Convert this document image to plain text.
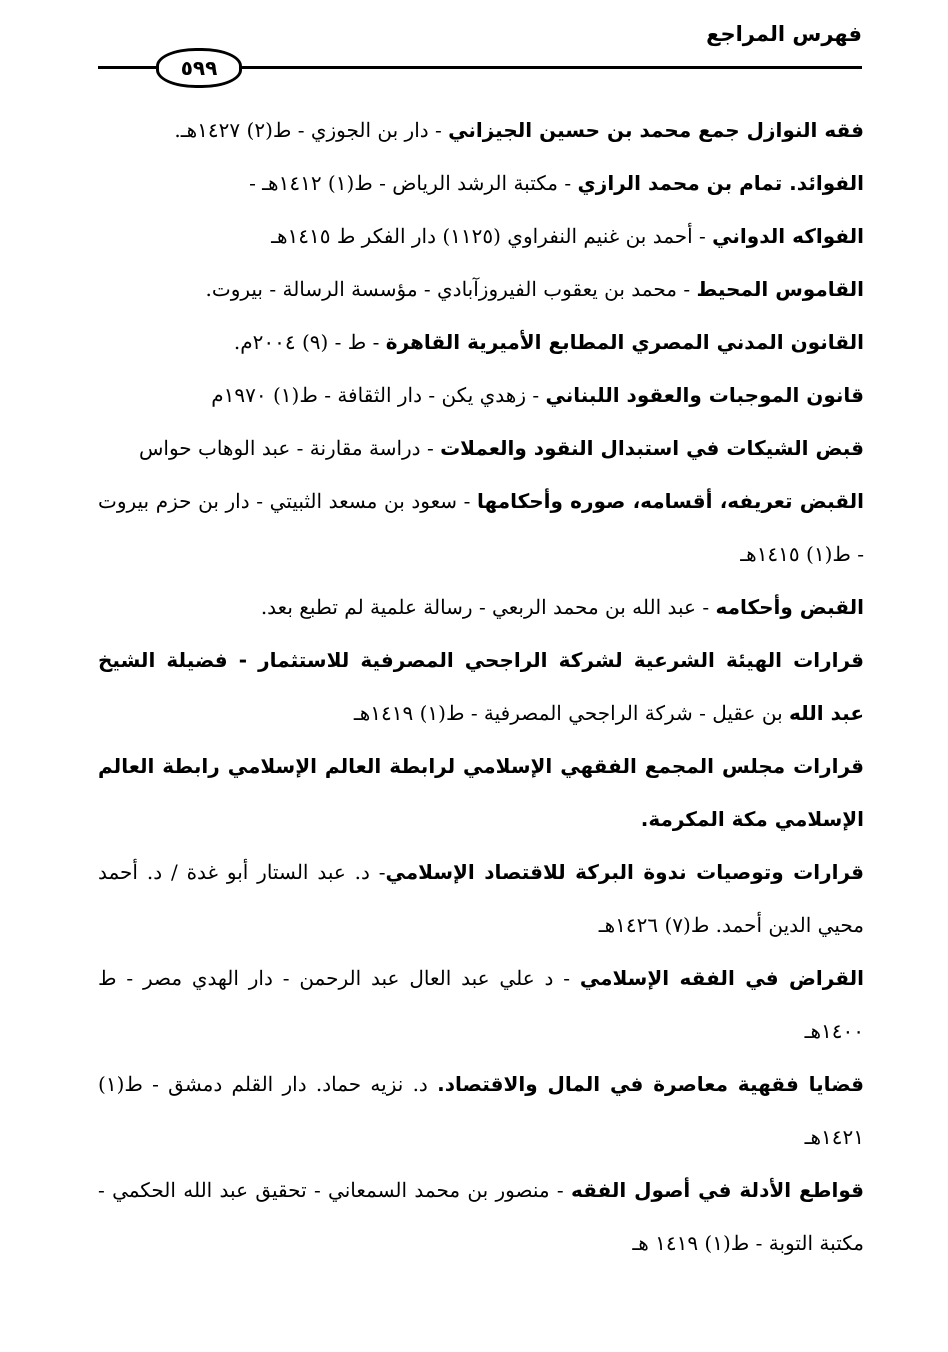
فهرس المراجع
٥٩٩

فقه النوازل جمع محمد بن حسين الجيزاني - دار بن الجوزي - ط(٢) ١٤٢٧هـ.

الفوائد. تمام بن محمد الرازي - مكتبة الرشد الرياض - ط(١) ١٤١٢هـ -

الفواكه الدواني - أحمد بن غنيم النفراوي (١١٢٥) دار الفكر ط ١٤١٥هـ

القاموس المحيط - محمد بن يعقوب الفيروزآبادي - مؤسسة الرسالة - بيروت.

القانون المدني المصري المطابع الأميرية القاهرة - ط - (٩) ٢٠٠٤م.

قانون الموجبات والعقود اللبناني - زهدي يكن - دار الثقافة - ط(١) ١٩٧٠م

قبض الشيكات في استبدال النقود والعملات - دراسة مقارنة - عبد الوهاب حواس

القبض تعريفه، أقسامه، صوره وأحكامها - سعود بن مسعد الثبيتي - دار بن حزم بيروت - ط(١) ١٤١٥هـ

القبض وأحكامه - عبد الله بن محمد الربعي - رسالة علمية لم تطبع بعد.

قرارات الهيئة الشرعية لشركة الراجحي المصرفية للاستثمار - فضيلة الشيخ عبد الله بن عقيل - شركة الراجحي المصرفية - ط(١) ١٤١٩هـ

قرارات مجلس المجمع الفقهي الإسلامي لرابطة العالم الإسلامي رابطة العالم الإسلامي مكة المكرمة.

قرارات وتوصيات ندوة البركة للاقتصاد الإسلامي- د. عبد الستار أبو غدة / د. أحمد محيي الدين أحمد. ط(٧) ١٤٢٦هـ

القراض في الفقه الإسلامي - د علي عبد العال عبد الرحمن - دار الهدي مصر - ط ١٤٠٠هـ

قضايا فقهية معاصرة في المال والاقتصاد. د. نزيه حماد. دار القلم دمشق - ط(١) ١٤٢١هـ

قواطع الأدلة في أصول الفقه - منصور بن محمد السمعاني - تحقيق عبد الله الحكمي - مكتبة التوبة - ط(١) ١٤١٩ هـ
